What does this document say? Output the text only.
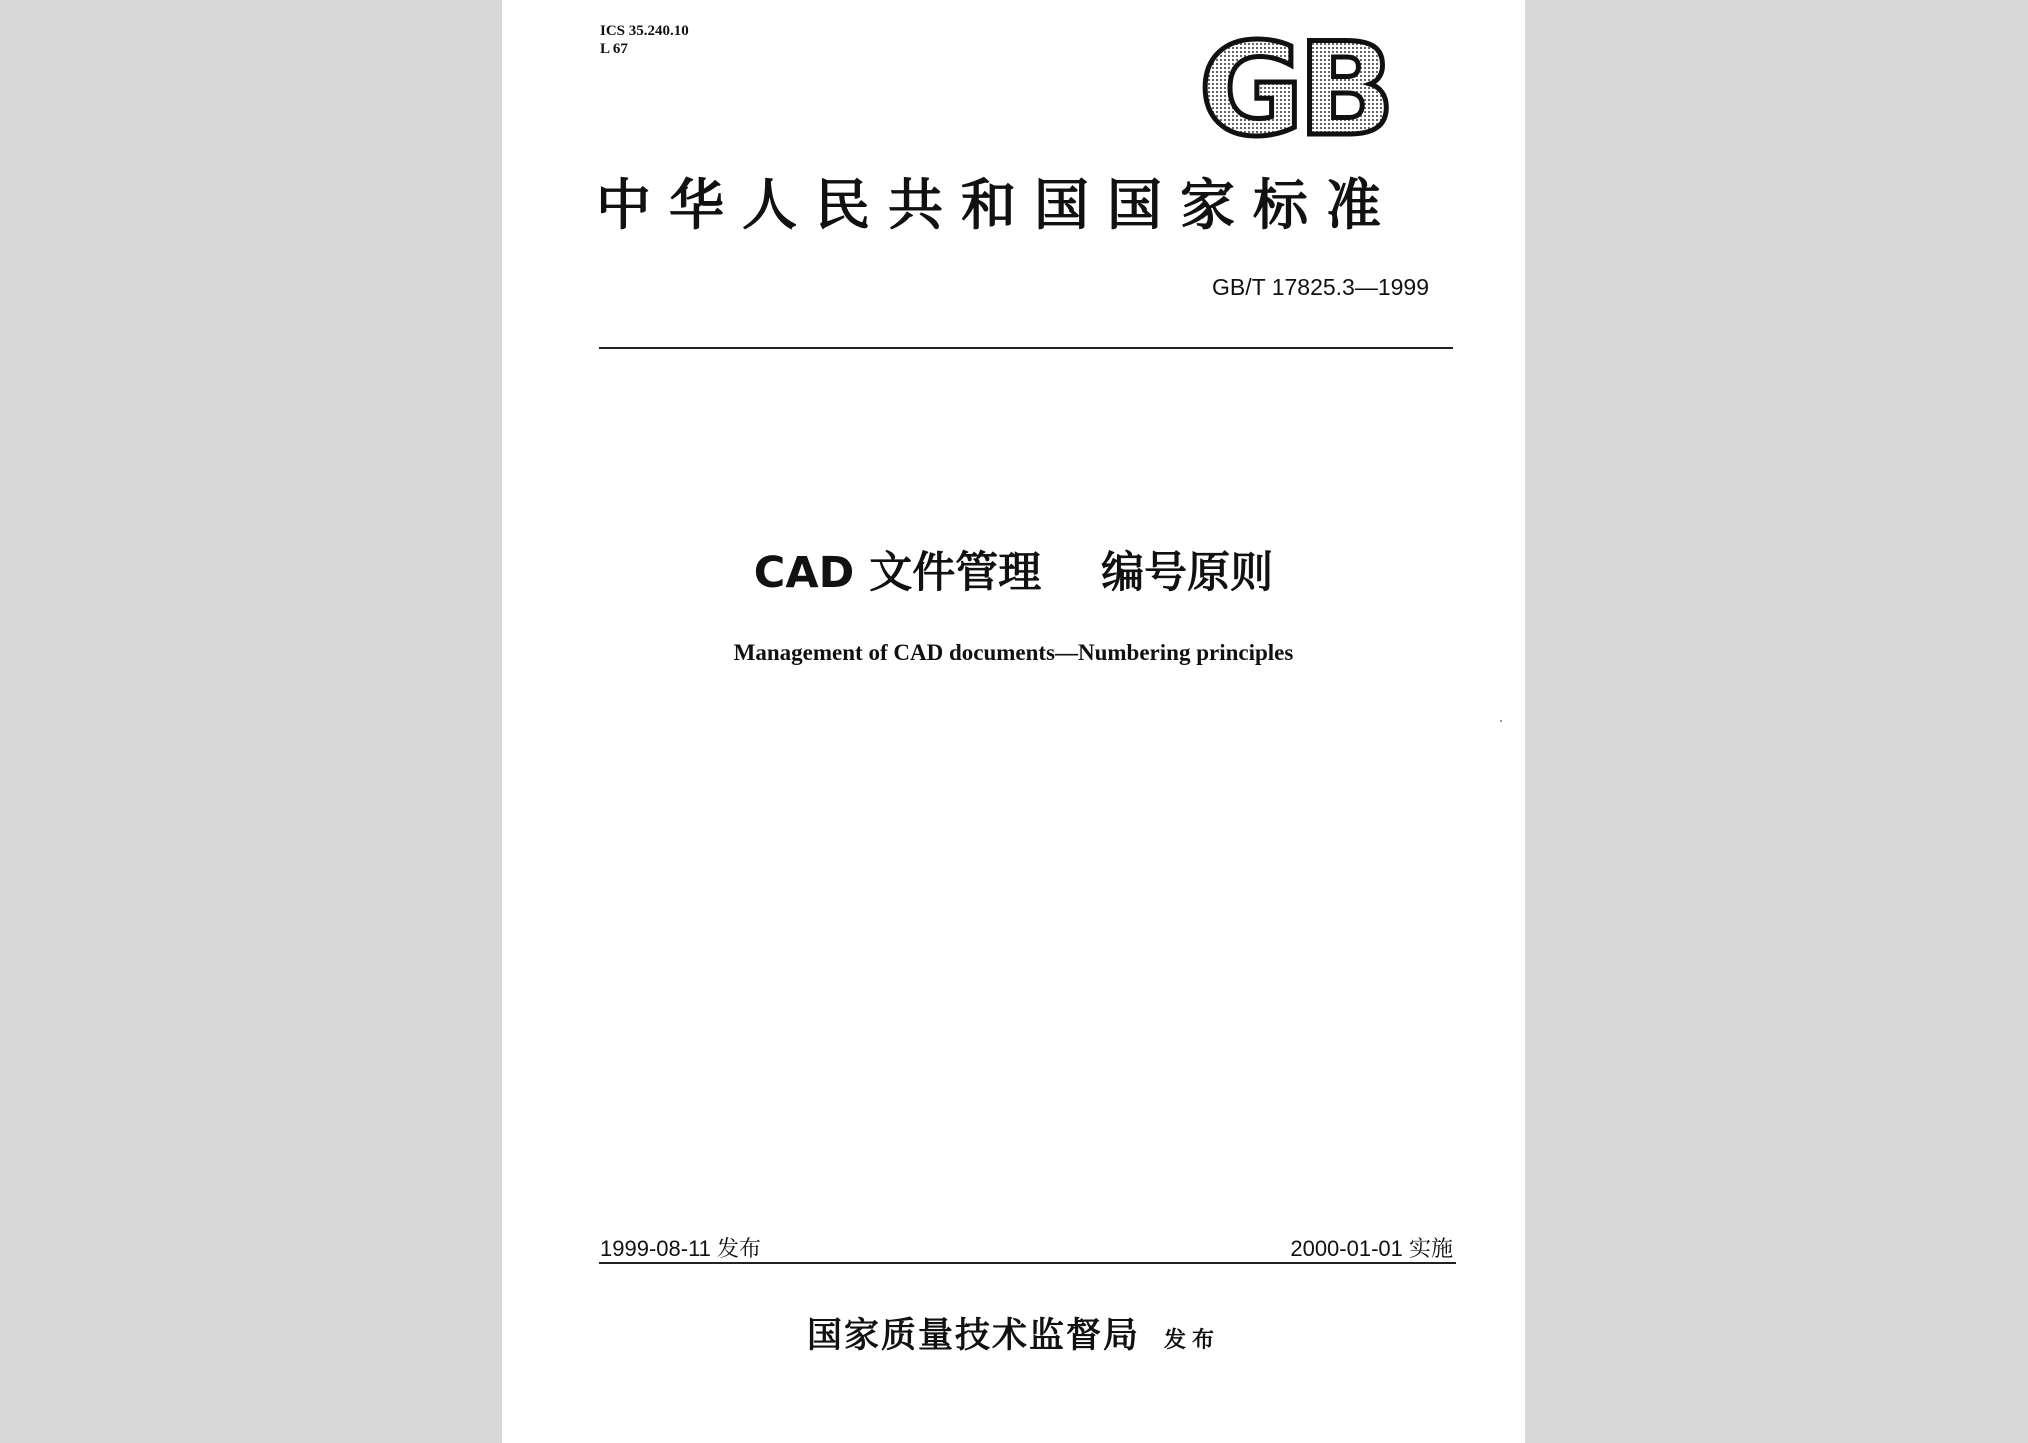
ICS 35.240.10
L 67	GB
中华人民共和国国家标准
GB/T 17825.3—1999
CAD 文件管理    编号原则
Management of CAD documents—Numbering principles
1999-08-11 发布	2000-01-01 实施
国家质量技术监督局 发布
